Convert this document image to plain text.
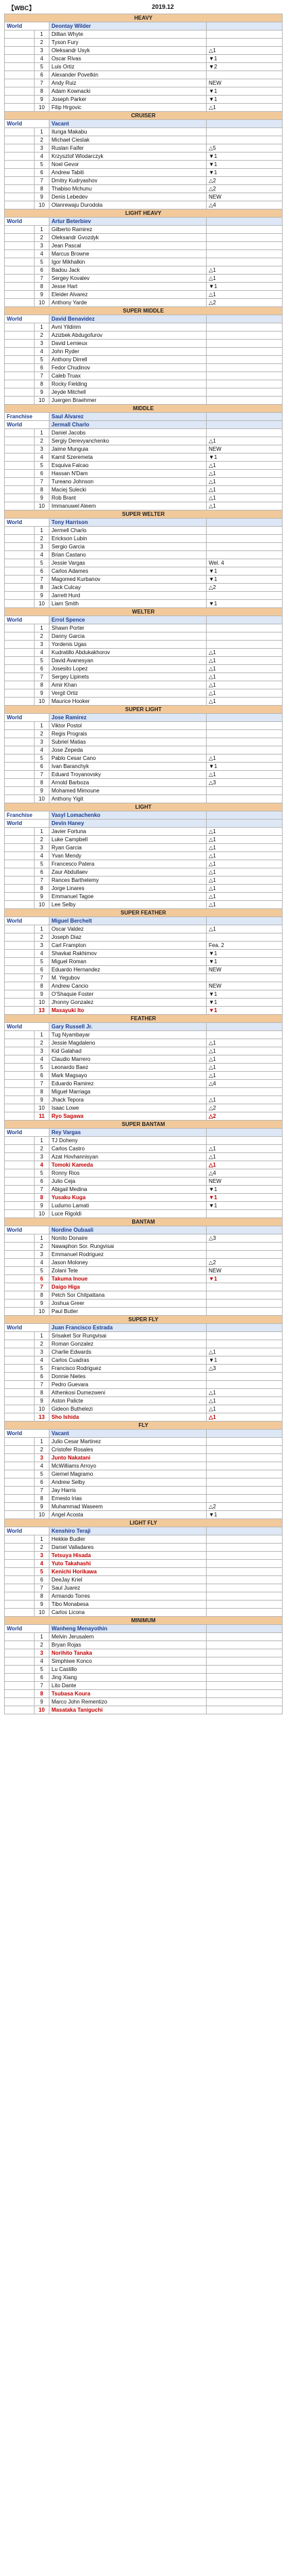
【WBC】	2019.12
HEAVY			
World		Deontay Wilder	
	1	Dillian Whyte	
	2	Tyson Fury	
	3	Oleksandr Usyk	△1
	4	Oscar Rivas	▼1
	5	Luis Ortiz	▼2
	6	Alexander Povetkin	
	7	Andy Ruiz	NEW
	8	Adam Kownacki	▼1
	9	Joseph Parker	▼1
	10	Filip Hrgovic	△1
CRUISER			
World		Vacant	
	1	Ilunga Makabu	
	2	Michael Cieslak	
	3	Ruslan Faifer	△5
	4	Krzysztof Wlodarczyk	▼1
	5	Noel Gevor	▼1
	6	Andrew Tabiti	▼1
	7	Dmitry Kudryashov	△2
	8	Thabiso Mchunu	△2
	9	Denis Lebedev	NEW
	10	Olanrewaju Durodola	△4
LIGHT HEAVY			
World		Artur Beterbiev	
	1	Gilberto Ramirez	
	2	Oleksandr Gvozdyk	
	3	Jean Pascal	
	4	Marcus Browne	
	5	Igor Mikhalkin	
	6	Badou Jack	△1
	7	Sergey Kovalev	△1
	8	Jesse Hart	▼1
	9	Eleider Alvarez	△1
	10	Anthony Yarde	△2
SUPER MIDDLE			
World		David Benavidez	
	1	Avni Yildirim	
	2	Azizbek Abdugofurov	
	3	David Lemieux	
	4	John Ryder	
	5	Anthony Dirrell	
	6	Fedor Chudinov	
	7	Caleb Truax	
	8	Rocky Fielding	
	9	Jeyde Mitchell	
	10	Juergen Braehmer	
MIDDLE			
Franchise		Saul Alvarez	
World		Jermall Charlo	
	1	Daniel Jacobs	
	2	Sergiy Derevyanchenko	△1
	3	Jaime Munguia	NEW
	4	Kamil Szeremeta	▼1
	5	Esquiva Falcao	△1
	6	Hassan N'Dam	△1
	7	Tureano Johnson	△1
	8	Maciej Sulecki	△1
	9	Rob Brant	△1
	10	Immanuwel Aleem	△1
SUPER WELTER			
World		Tony Harrison	
	1	Jermell Charlo	
	2	Erickson Lubin	
	3	Sergio Garcia	
	4	Brian Castano	
	5	Jessie Vargas	Wel. 4
	6	Carlos Adames	▼1
	7	Magomed Kurbanov	▼1
	8	Jack Culcay	△2
	9	Jarrett Hurd	
	10	Liam Smith	▼1
WELTER			
World		Errol Spence	
	1	Shawn Porter	
	2	Danny Garcia	
	3	Yordenis Ugas	
	4	Kudratillo Abdukakhorov	△1
	5	David Avanesyan	△1
	6	Josesito Lopez	△1
	7	Sergey Lipinets	△1
	8	Amir Khan	△1
	9	Vergil Ortiz	△1
	10	Maurice Hooker	△1
SUPER LIGHT			
World		Jose Ramirez	
	1	Viktor Postol	
	2	Regis Prograis	
	3	Subriel Matias	
	4	Jose Zepeda	
	5	Pablo Cesar Cano	△1
	6	Ivan Baranchyk	▼1
	7	Eduard Troyanovsky	△1
	8	Arnold Barboza	△3
	9	Mohamed Mimoune	
	10	Anthony Yigit	
LIGHT			
Franchise		Vasyl Lomachenko	
World		Devin Haney	
	1	Javier Fortuna	△1
	2	Luke Campbell	△1
	3	Ryan Garcia	△1
	4	Yvan Mendy	△1
	5	Francesco Patera	△1
	6	Zaur Abdullaev	△1
	7	Rances Barthelemy	△1
	8	Jorge Linares	△1
	9	Emmanuel Tagoe	△1
	10	Lee Selby	△1
SUPER FEATHER			
World		Miguel Berchelt	
	1	Oscar Valdez	△1
	2	Joseph Diaz	
	3	Carl Frampton	Fea. 2
	4	Shavkat Rakhimov	▼1
	5	Miguel Roman	▼1
	6	Eduardo Hernandez	NEW
	7	M. Yegubov	
	8	Andrew Cancio	NEW
	9	O'Shaquie Foster	▼1
	10	Jhonny Gonzalez	▼1
	13	Masayuki Ito	▼1
FEATHER			
World		Gary Russell Jr.	
	1	Tug Nyambayar	
	2	Jessie Magdaleno	△1
	3	Kid Galahad	△1
	4	Claudio Marrero	△1
	5	Leonardo Baez	△1
	6	Mark Magsayo	△1
	7	Eduardo Ramirez	△4
	8	Miguel Marriaga	
	9	Jhack Tepora	△1
	10	Isaac Lowe	△2
	11	Ryo Sagawa	△2
SUPER BANTAM			
World		Rey Vargas	
	1	TJ Doheny	
	2	Carlos Castro	△1
	3	Azat Hovhannisyan	△1
	4	Tomoki Kameda	△1
	5	Ronny Rios	△4
	6	Julio Ceja	NEW
	7	Abigail Medina	▼1
	8	Yusaku Kuga	▼1
	9	Ludumo Lamati	▼1
	10	Luce Rigoldi	
BANTAM			
World		Nordine Oubaali	
	1	Nonito Donaire	△3
	2	Nawaphon Sor. Rungvisai	
	3	Emmanuel Rodriguez	
	4	Jason Moloney	△2
	5	Zolani Tete	NEW
	6	Takuma Inoue	▼1
	7	Daigo Higa	
	8	Petch Sor Chitpattana	
	9	Joshua Greer	
	10	Paul Butler	
SUPER FLY			
World		Juan Francisco Estrada	
	1	Srisaket Sor Rungvisai	
	2	Roman Gonzalez	
	3	Charlie Edwards	△1
	4	Carlos Cuadras	▼1
	5	Francisco Rodriguez	△3
	6	Donnie Nietes	
	7	Pedro Guevara	
	8	Athenkosi Dumezweni	△1
	9	Aston Palicte	△1
	10	Gideon Buthelezi	△1
	13	Sho Ishida	△1
FLY			
World		Vacant	
	1	Julio Cesar Martinez	
	2	Cristofer Rosales	
	3	Junto Nakatani	
	4	McWilliams Arroyo	
	5	Giemel Magramo	
	6	Andrew Selby	
	7	Jay Harris	
	8	Ernesto Irias	
	9	Muhammad Waseem	△2
	10	Angel Acosta	▼1
LIGHT FLY			
World		Kenshiro Teraji	
	1	Hekkie Budler	
	2	Daniel Valladares	
	3	Tetsuya Hisada	
	4	Yuto Takahashi	
	5	Kenichi Horikawa	
	6	DeeJay Kriel	
	7	Saul Juarez	
	8	Armando Torres	
	9	Tibo Monabesa	
	10	Carlos Licona	
MINIMUM			
World		Wanheng Menayothin	
	1	Melvin Jerusalem	
	2	Bryan Rojas	
	3	Norihito Tanaka	
	4	Simphiwe Konco	
	5	Lu Castillo	
	6	Jing Xiang	
	7	Lito Dante	
	8	Tsubasa Koura	
	9	Marco John Rementizo	
	10	Masataka Taniguchi	
